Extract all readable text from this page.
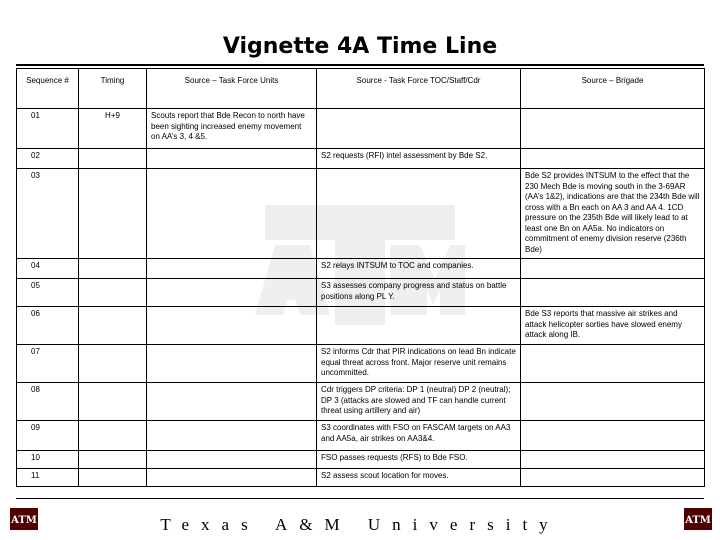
Vignette 4A Time Line
Sequence #	Timing	Source – Task Force Units	Source - Task Force TOC/Staff/Cdr	Source – Brigade
01	H+9	Scouts report that Bde Recon to north have been sighting increased enemy movement on AA’s 3, 4 &5.		
02			S2 requests (RFI) intel assessment by Bde S2.	
03				Bde S2 provides INTSUM to the effect that the 230 Mech Bde is moving south in the 3-69AR (AA’s 1&2), indications are that the 234th Bde will cross with a Bn each on AA 3 and AA 4. 1CD pressure on the 235th Bde will likely lead to at least one Bn on AA5a. No indicators on commitment of enemy division reserve (236th Bde)
04			S2 relays INTSUM to TOC and companies.	
05			S3 assesses company progress and status on battle positions along PL Y.	
06				Bde S3 reports that massive air strikes and attack helicopter sorties have slowed enemy attack along IB.
07			S2 informs Cdr that PIR indications on lead Bn indicate equal threat across front. Major reserve unit remains uncommitted.	
08			Cdr triggers DP criteria: DP 1 (neutral) DP 2 (neutral); DP 3 (attacks are slowed and TF can handle current threat using artillery and air)	
09			S3 coordinates with FSO on FASCAM targets on AA3 and AA5a, air strikes on AA3&4.	
10			FSO passes requests (RFS) to Bde FSO.	
11			S2 assess scout location for moves.	
ATM	Texas A&M University	ATM
